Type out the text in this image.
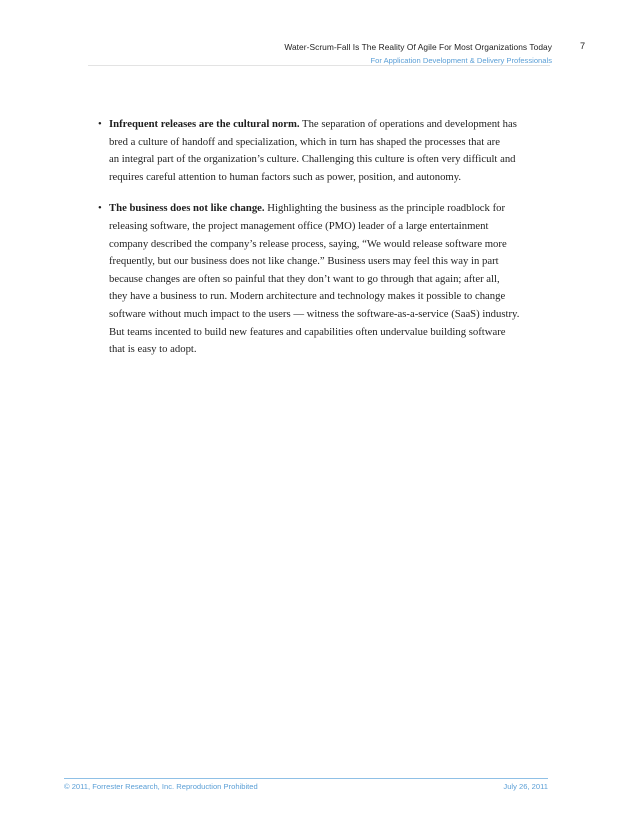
Water-Scrum-Fall Is The Reality Of Agile For Most Organizations Today	7
For Application Development & Delivery Professionals
• Infrequent releases are the cultural norm. The separation of operations and development has
bred a culture of handoff and specialization, which in turn has shaped the processes that are
an integral part of the organization’s culture. Challenging this culture is often very difficult and
requires careful attention to human factors such as power, position, and autonomy.
• The business does not like change. Highlighting the business as the principle roadblock for
releasing software, the project management office (PMO) leader of a large entertainment
company described the company’s release process, saying, “We would release software more
frequently, but our business does not like change.” Business users may feel this way in part
because changes are often so painful that they don’t want to go through that again; after all,
they have a business to run. Modern architecture and technology makes it possible to change
software without much impact to the users — witness the software-as-a-service (SaaS) industry.
But teams incented to build new features and capabilities often undervalue building software
that is easy to adopt.
© 2011, Forrester Research, Inc. Reproduction Prohibited	July 26, 2011
